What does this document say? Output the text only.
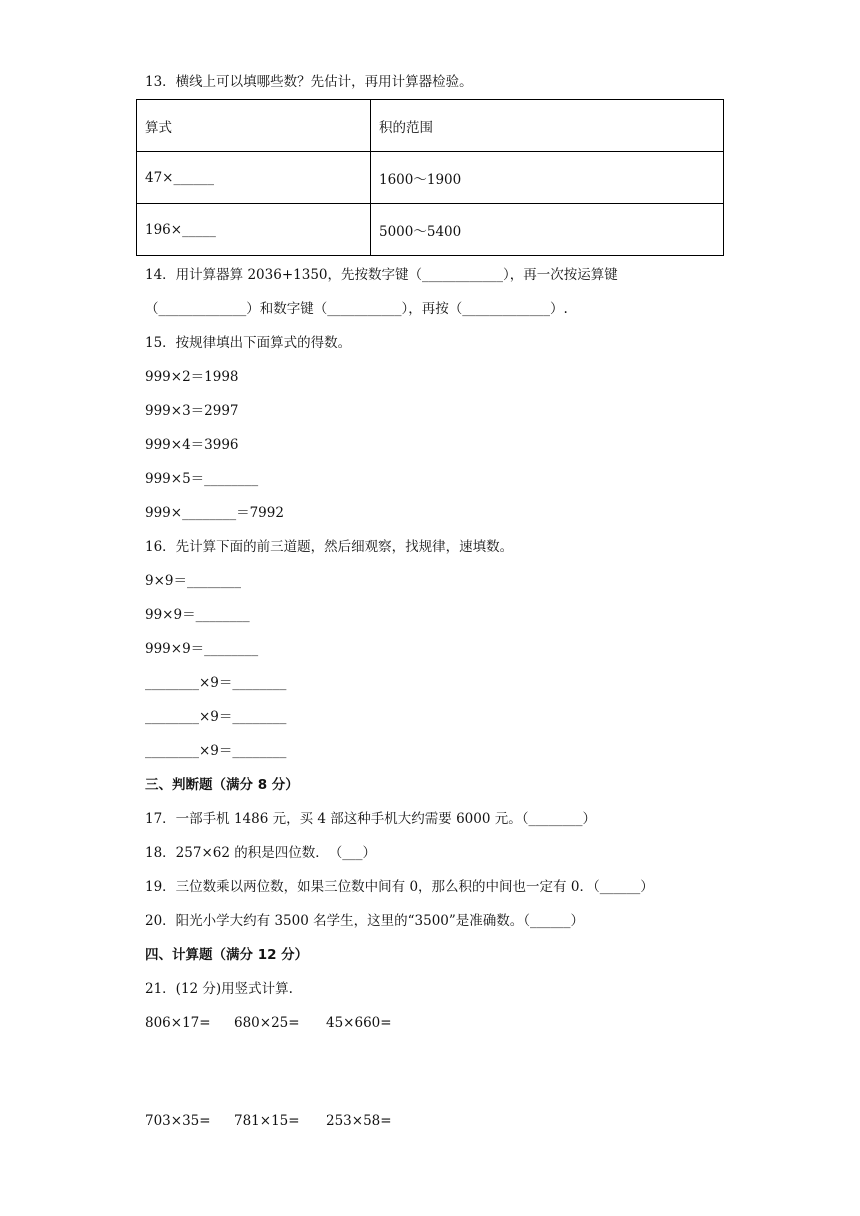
13．横线上可以填哪些数？先估计，再用计算器检验。
算式	积的范围
47×______	1600～1900
196×_____	5000～5400
14．用计算器算 2036+1350，先按数字键（____________），再一次按运算键
（_____________）和数字键（___________），再按（_____________）.
15．按规律填出下面算式的得数。
999×2＝1998
999×3＝2997
999×4＝3996
999×5＝________
999×________＝7992
16．先计算下面的前三道题，然后细观察，找规律，速填数。
9×9＝________
99×9＝________
999×9＝________
________×9＝________
________×9＝________
________×9＝________
三、判断题（满分 8 分）
17．一部手机 1486 元，买 4 部这种手机大约需要 6000 元。（________）
18．257×62 的积是四位数．　（___）
19．三位数乘以两位数，如果三位数中间有 0，那么积的中间也一定有 0．（______）
20．阳光小学大约有 3500 名学生，这里的“3500”是准确数。（______）
四、计算题（满分 12 分）
21．(12 分)用竖式计算.
806×17= 680×25= 45×660=
703×35= 781×15= 253×58=
